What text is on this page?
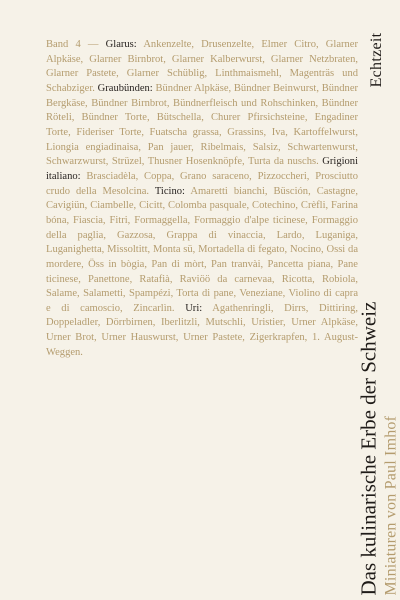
Band 4 — Glarus: Ankenzelte, Drusenzelte, Elmer Citro, Glarner Alpkäse, Glarner Birnbrot, Glarner Kalberwurst, Glarner Netzbraten, Glarner Pastete, Glarner Schüblig, Linthmaismehl, Magenträs und Schabziger. Graubünden: Bündner Alpkäse, Bündner Beinwurst, Bündner Bergkäse, Bündner Birnbrot, Bündnerfleisch und Rohschinken, Bündner Röteli, Bündner Torte, Bütschella, Churer Pfirsichsteine, Engadiner Torte, Fideriser Torte, Fuatscha grassa, Grassins, Iva, Kartoffelwurst, Liongia engiadinaisa, Pan jauer, Ribelmais, Salsiz, Schwartenwurst, Schwarzwurst, Strüzel, Thusner Hosenknöpfe, Turta da nuschs. Grigioni italiano: Brasciadèla, Coppa, Grano saraceno, Pizzoccheri, Prosciutto crudo della Mesolcina. Ticino: Amaretti bianchi, Büsción, Castagne, Cavigiün, Ciambelle, Cicitt, Colomba pasquale, Cotechino, Crèfli, Farina bóna, Fiascia, Fitri, Formaggella, Formaggio d'alpe ticinese, Formaggio della paglia, Gazzosa, Grappa di vinaccia, Lardo, Luganiga, Luganighetta, Missoltitt, Monta sü, Mortadella di fegato, Nocino, Ossi da mordere, Öss in bògia, Pan di mòrt, Pan tranvài, Pancetta piana, Pane ticinese, Panettone, Ratafià, Raviöö da carnevaa, Ricotta, Robiola, Salame, Salametti, Spampézi, Torta di pane, Veneziane, Violino di capra e di camoscio, Zincarlìn. Uri: Agathenringli, Dirrs, Dittiring, Doppeladler, Dörrbirnen, Iberlitzli, Mutschli, Uristier, Urner Alpkäse, Urner Brot, Urner Hauswurst, Urner Pastete, Zigerkrapfen, 1. August-Weggen.
Echtzeit
Das kulinarische Erbe der Schweiz Miniaturen von Paul Imhof
